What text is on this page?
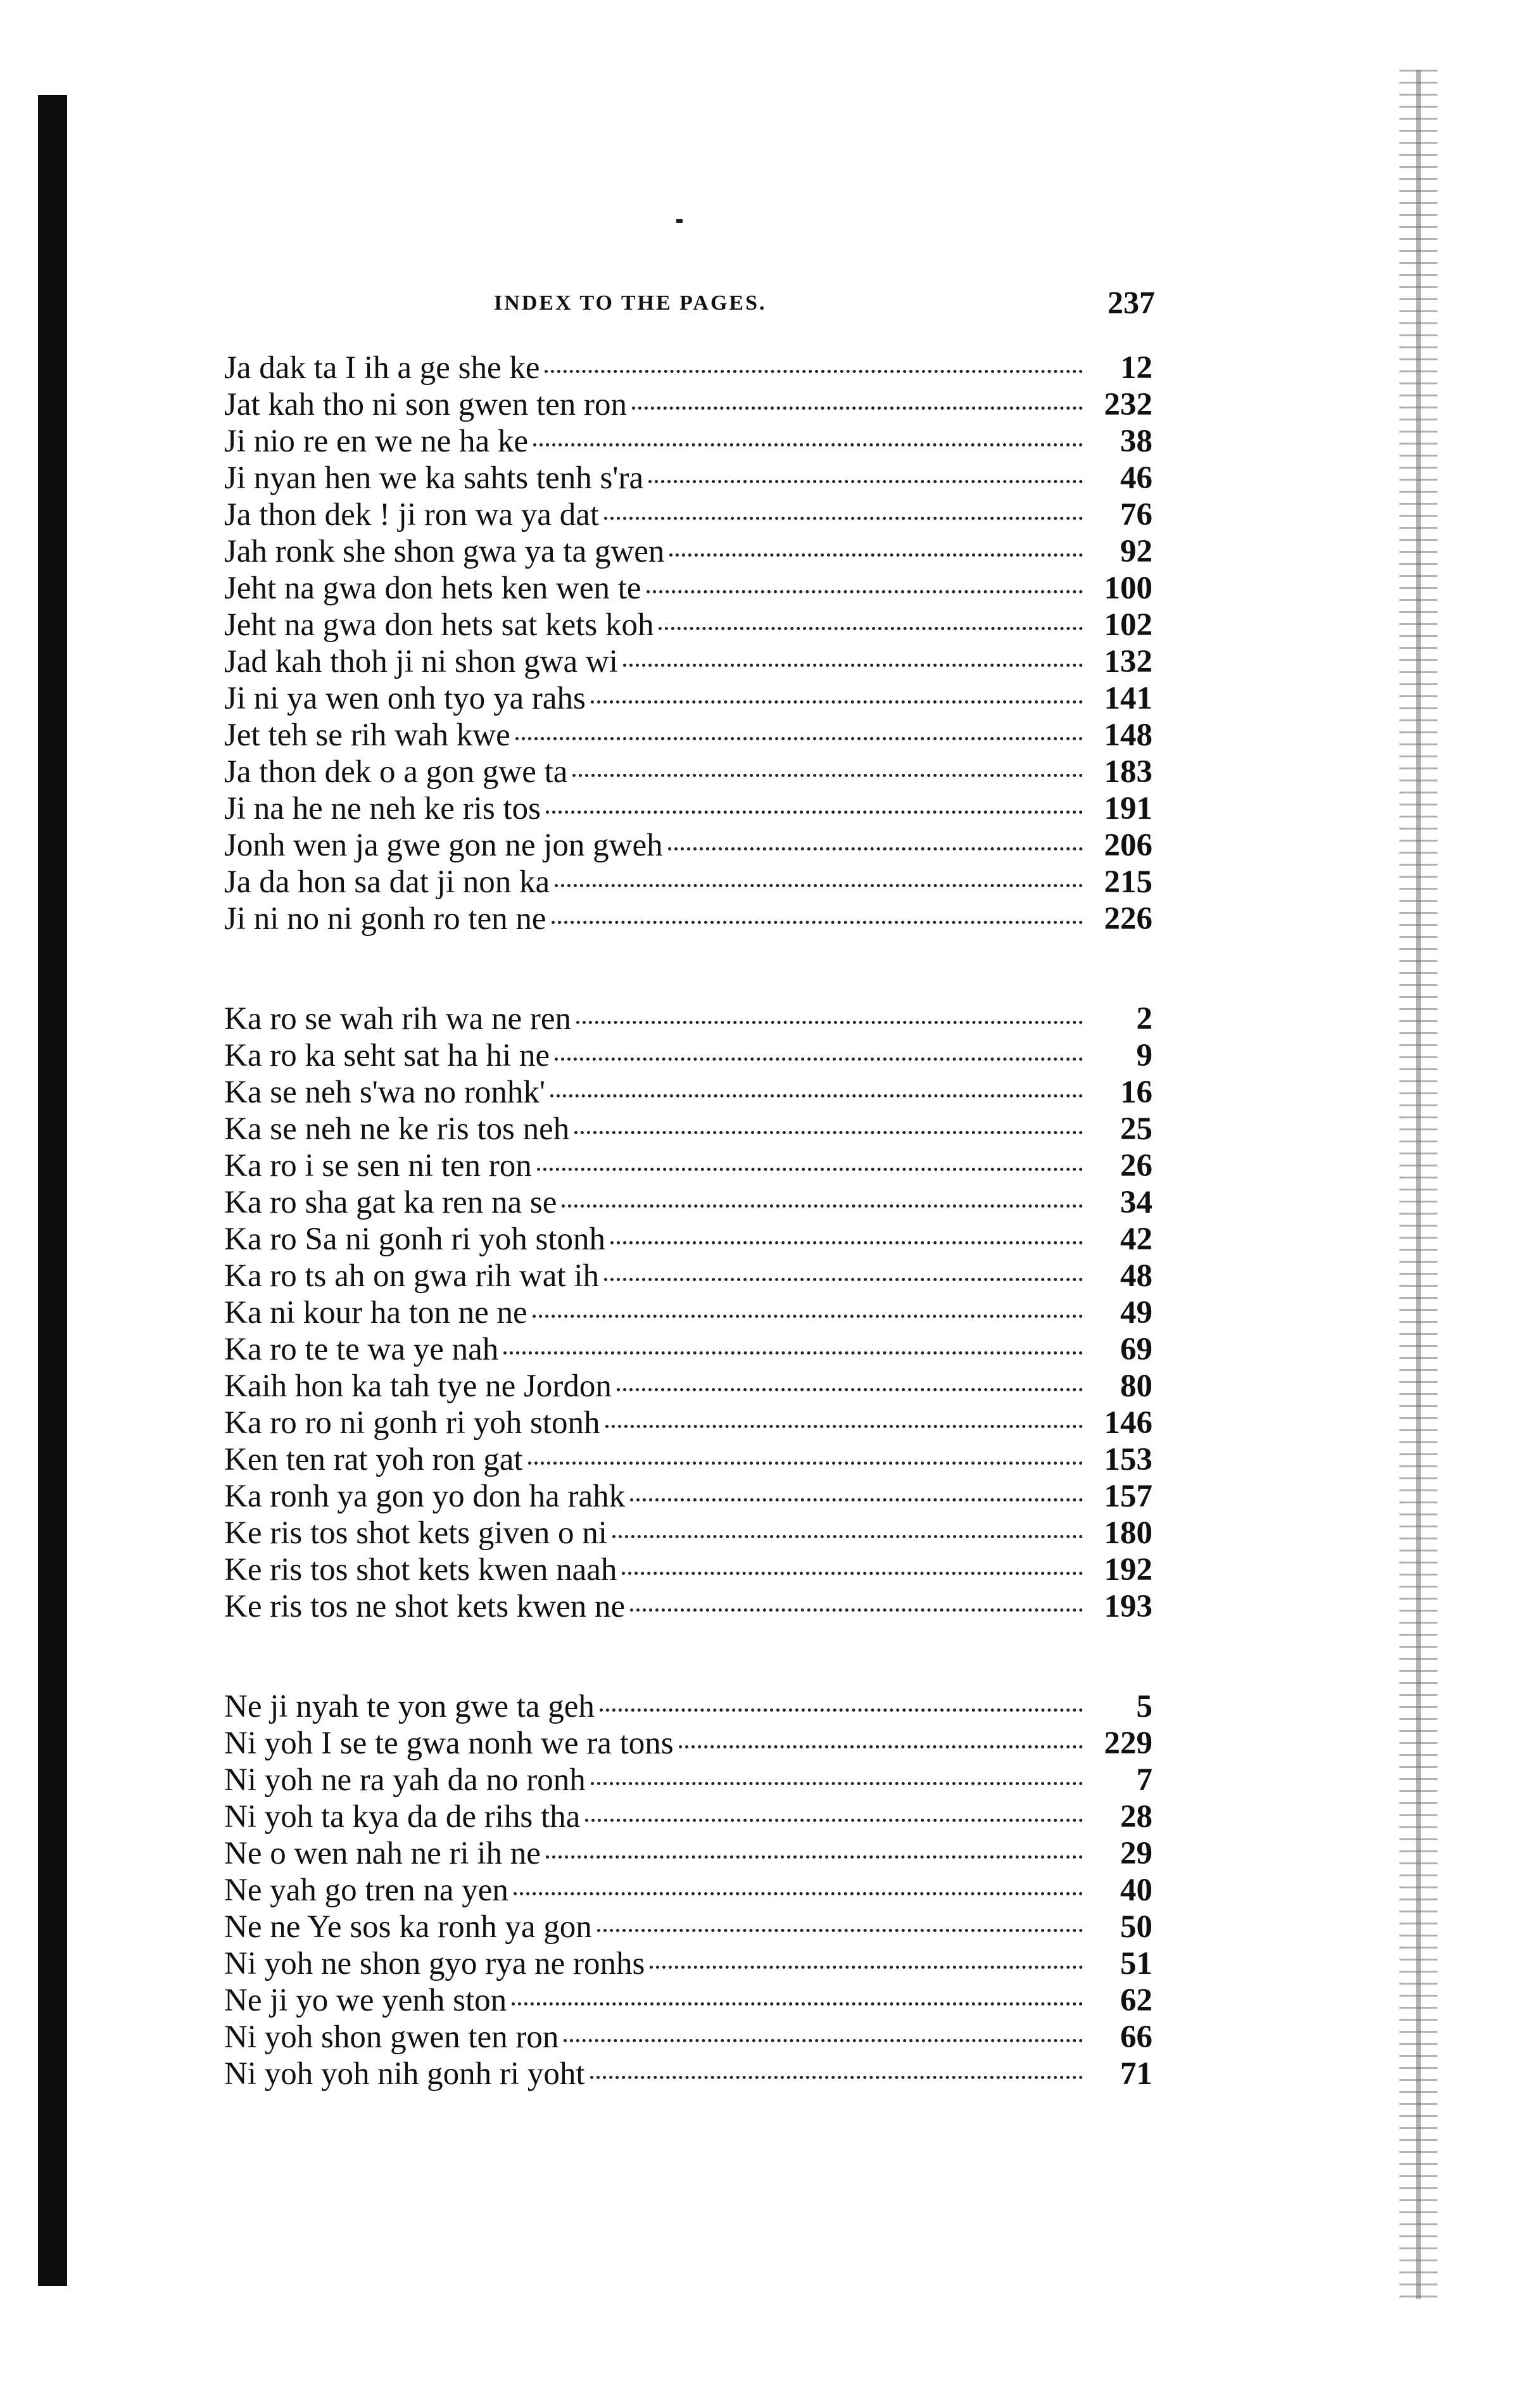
INDEX TO THE PAGES.	237
Ja dak ta I ih a ge she ke	12
Jat kah tho ni son gwen ten ron	232
Ji nio re en we ne ha ke	38
Ji nyan hen we ka sahts tenh s'ra	46
Ja thon dek ! ji ron wa ya dat	76
Jah ronk she shon gwa ya ta gwen	92
Jeht na gwa don hets ken wen te	100
Jeht na gwa don hets sat kets koh	102
Jad kah thoh ji ni shon gwa wi	132
Ji ni ya wen onh tyo ya rahs	141
Jet teh se rih wah kwe	148
Ja thon dek o a gon gwe ta	183
Ji na he ne neh ke ris tos	191
Jonh wen ja gwe gon ne jon gweh	206
Ja da hon sa dat ji non ka	215
Ji ni no ni gonh ro ten ne	226
Ka ro se wah rih wa ne ren	2
Ka ro ka seht sat ha hi ne	9
Ka se neh s'wa no ronhk'	16
Ka se neh ne ke ris tos neh	25
Ka ro i se sen ni ten ron	26
Ka ro sha gat ka ren na se	34
Ka ro Sa ni gonh ri yoh stonh	42
Ka ro ts ah on gwa rih wat ih	48
Ka ni kour ha ton ne ne	49
Ka ro te te wa ye nah	69
Kaih hon ka tah tye ne Jordon	80
Ka ro ro ni gonh ri yoh stonh	146
Ken ten rat yoh ron gat	153
Ka ronh ya gon yo don ha rahk	157
Ke ris tos shot kets given o ni	180
Ke ris tos shot kets kwen naah	192
Ke ris tos ne shot kets kwen ne	193
Ne ji nyah te yon gwe ta geh	5
Ni yoh I se te gwa nonh we ra tons	229
Ni yoh ne ra yah da no ronh	7
Ni yoh ta kya da de rihs tha	28
Ne o wen nah ne ri ih ne	29
Ne yah go tren na yen	40
Ne ne Ye sos ka ronh ya gon	50
Ni yoh ne shon gyo rya ne ronhs	51
Ne ji yo we yenh ston	62
Ni yoh shon gwen ten ron	66
Ni yoh yoh nih gonh ri yoht	71
